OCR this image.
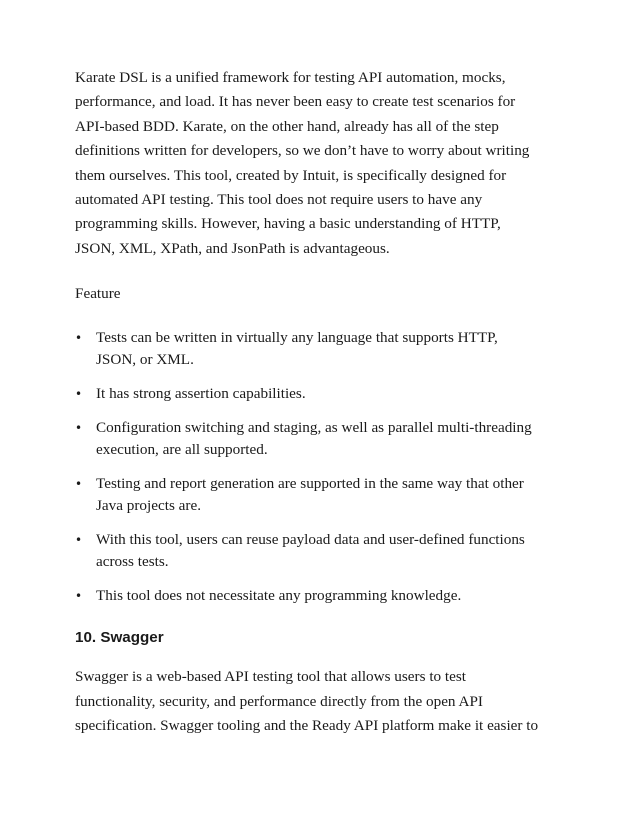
Karate DSL is a unified framework for testing API automation, mocks,
performance, and load. It has never been easy to create test scenarios for
API-based BDD. Karate, on the other hand, already has all of the step
definitions written for developers, so we don’t have to worry about writing
them ourselves. This tool, created by Intuit, is specifically designed for
automated API testing. This tool does not require users to have any
programming skills. However, having a basic understanding of HTTP,
JSON, XML, XPath, and JsonPath is advantageous.

Feature

• Tests can be written in virtually any language that supports HTTP,
JSON, or XML.
• It has strong assertion capabilities.
• Configuration switching and staging, as well as parallel multi-threading
execution, are all supported.
• Testing and report generation are supported in the same way that other
Java projects are.
• With this tool, users can reuse payload data and user-defined functions
across tests.
• This tool does not necessitate any programming knowledge.
10. Swagger

Swagger is a web-based API testing tool that allows users to test
functionality, security, and performance directly from the open API
specification. Swagger tooling and the Ready API platform make it easier to
